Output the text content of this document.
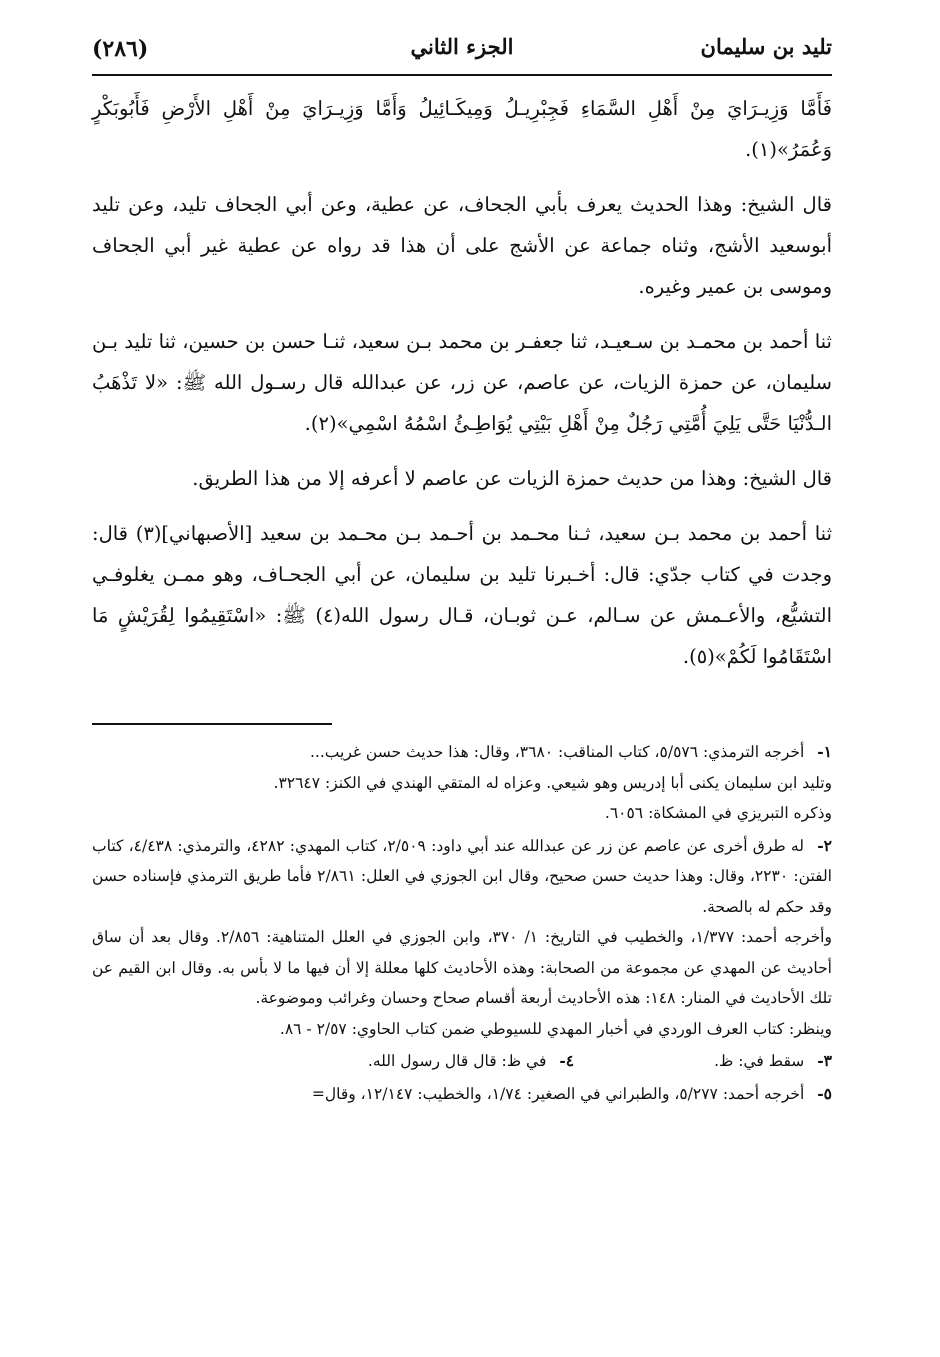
(٢٨٦)	الجزء الثاني	تليد بن سليمان

فَأَمَّا وَزِيـرَايَ مِنْ أَهْلِ السَّمَاءِ فَجِبْرِيـلُ وَمِيكَـائِيلُ وَأَمَّا وَزِيـرَايَ مِنْ أَهْلِ الأَرْضِ فَأَبُوبَكْرٍ وَعُمَرُ»(١).

قال الشيخ: وهذا الحديث يعرف بأبي الجحاف، عن عطية، وعن أبي الجحاف تليد، وعن تليد أبوسعيد الأشج، وثناه جماعة عن الأشج على أن هذا قد رواه عن عطية غير أبي الجحاف وموسى بن عمير وغيره.

ثنا أحمد بن محمـد بن سـعيـد، ثنا جعفـر بن محمد بـن سعيد، ثنـا حسن بن حسين، ثنا تليد بـن سليمان، عن حمزة الزيات، عن عاصم، عن زر، عن عبدالله قال رسـول الله ﷺ: «لا تَذْهَبُ الـدُّنْيَا حَتَّى يَلِيَ أُمَّتِي رَجُلٌ مِنْ أَهْلِ بَيْتِي يُوَاطِـئُ اسْمُهُ اسْمِي»(٢).

قال الشيخ: وهذا من حديث حمزة الزيات عن عاصم لا أعرفه إلا من هذا الطريق.

ثنا أحمد بن محمد بـن سعيد، ثـنا محـمد بن أحـمد بـن محـمد بن سعيد [الأصبهاني](٣) قال: وجدت في كتاب جدّي: قال: أخـبرنا تليد بن سليمان، عن أبي الجحـاف، وهو ممـن يغلوفـي التشيُّع، والأعـمش عن سـالم، عـن ثوبـان، قـال رسول الله(٤) ﷺ: «اسْتَقِيمُوا لِقُرَيْشٍ مَا اسْتَقَامُوا لَكُمْ»(٥).

١- أخرجه الترمذي: ٥/٥٧٦، كتاب المناقب: ٣٦٨٠، وقال: هذا حديث حسن غريب...
وتليد ابن سليمان يكنى أبا إدريس وهو شيعي. وعزاه له المتقي الهندي في الكنز: ٣٢٦٤٧.
وذكره التبريزي في المشكاة: ٦٠٥٦.
٢- له طرق أخرى عن عاصم عن زر عن عبدالله عند أبي داود: ٢/٥٠٩، كتاب المهدي: ٤٢٨٢، والترمذي: ٤/٤٣٨، كتاب الفتن: ٢٢٣٠، وقال: وهذا حديث حسن صحيح، وقال ابن الجوزي في العلل: ٢/٨٦١ فأما طريق الترمذي فإسناده حسن وقد حكم له بالصحة.
وأخرجه أحمد: ١/٣٧٧، والخطيب في التاريخ: ١/ ٣٧٠، وابن الجوزي في العلل المتناهية: ٢/٨٥٦. وقال بعد أن ساق أحاديث عن المهدي عن مجموعة من الصحابة: وهذه الأحاديث كلها معللة إلا أن فيها ما لا بأس به. وقال ابن القيم عن تلك الأحاديث في المنار: ١٤٨: هذه الأحاديث أربعة أقسام صحاح وحسان وغرائب وموضوعة.
وينظر: كتاب العرف الوردي في أخبار المهدي للسيوطي ضمن كتاب الحاوي: ٢/٥٧ - ٨٦.
٣- سقط في: ظ.
٤- في ظ: قال قال رسول الله.
٥- أخرجه أحمد: ٥/٢٧٧، والطبراني في الصغير: ١/٧٤، والخطيب: ١٢/١٤٧، وقال=
